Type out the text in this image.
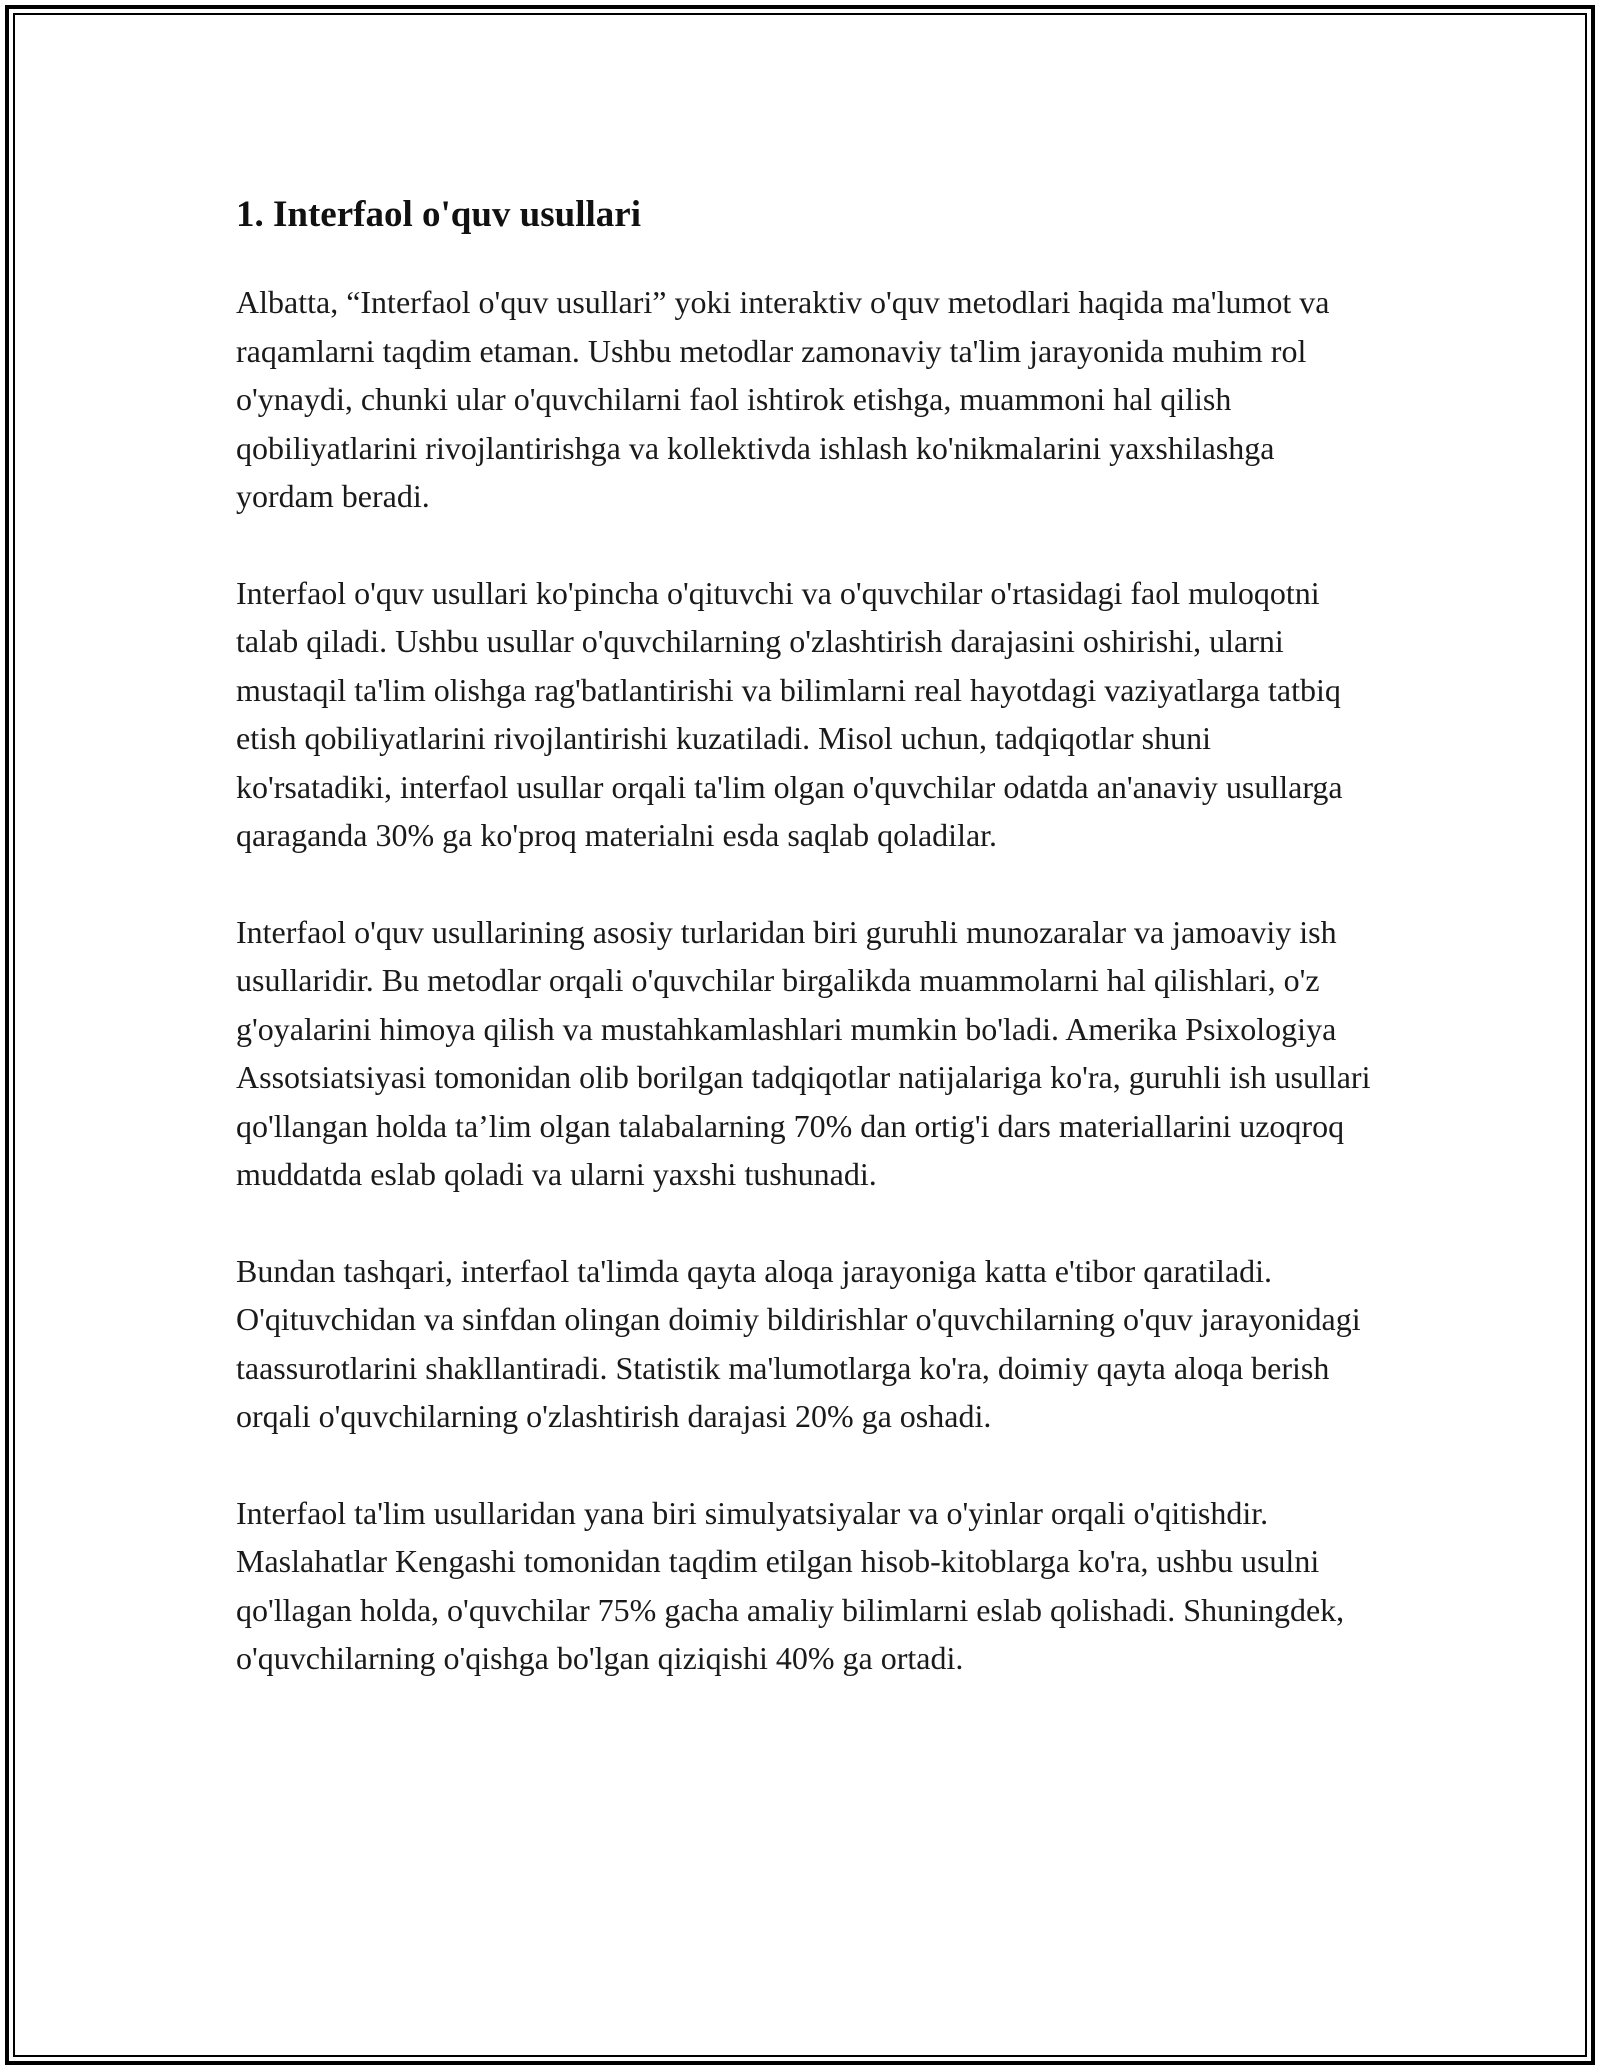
1. Interfaol o'quv usullari

Albatta, “Interfaol o'quv usullari” yoki interaktiv o'quv metodlari haqida ma'lumot va raqamlarni taqdim etaman. Ushbu metodlar zamonaviy ta'lim jarayonida muhim rol o'ynaydi, chunki ular o'quvchilarni faol ishtirok etishga, muammoni hal qilish qobiliyatlarini rivojlantirishga va kollektivda ishlash ko'nikmalarini yaxshilashga yordam beradi.

Interfaol o'quv usullari ko'pincha o'qituvchi va o'quvchilar o'rtasidagi faol muloqotni talab qiladi. Ushbu usullar o'quvchilarning o'zlashtirish darajasini oshirishi, ularni mustaqil ta'lim olishga rag'batlantirishi va bilimlarni real hayotdagi vaziyatlarga tatbiq etish qobiliyatlarini rivojlantirishi kuzatiladi. Misol uchun, tadqiqotlar shuni ko'rsatadiki, interfaol usullar orqali ta'lim olgan o'quvchilar odatda an'anaviy usullarga qaraganda 30% ga ko'proq materialni esda saqlab qoladilar.

Interfaol o'quv usullarining asosiy turlaridan biri guruhli munozaralar va jamoaviy ish usullaridir. Bu metodlar orqali o'quvchilar birgalikda muammolarni hal qilishlari, o'z g'oyalarini himoya qilish va mustahkamlashlari mumkin bo'ladi. Amerika Psixologiya Assotsiatsiyasi tomonidan olib borilgan tadqiqotlar natijalariga ko'ra, guruhli ish usullari qo'llangan holda ta’lim olgan talabalarning 70% dan ortig'i dars materiallarini uzoqroq muddatda eslab qoladi va ularni yaxshi tushunadi.

Bundan tashqari, interfaol ta'limda qayta aloqa jarayoniga katta e'tibor qaratiladi. O'qituvchidan va sinfdan olingan doimiy bildirishlar o'quvchilarning o'quv jarayonidagi taassurotlarini shakllantiradi. Statistik ma'lumotlarga ko'ra, doimiy qayta aloqa berish orqali o'quvchilarning o'zlashtirish darajasi 20% ga oshadi.

Interfaol ta'lim usullaridan yana biri simulyatsiyalar va o'yinlar orqali o'qitishdir. Maslahatlar Kengashi tomonidan taqdim etilgan hisob-kitoblarga ko'ra, ushbu usulni qo'llagan holda, o'quvchilar 75% gacha amaliy bilimlarni eslab qolishadi. Shuningdek, o'quvchilarning o'qishga bo'lgan qiziqishi 40% ga ortadi.
